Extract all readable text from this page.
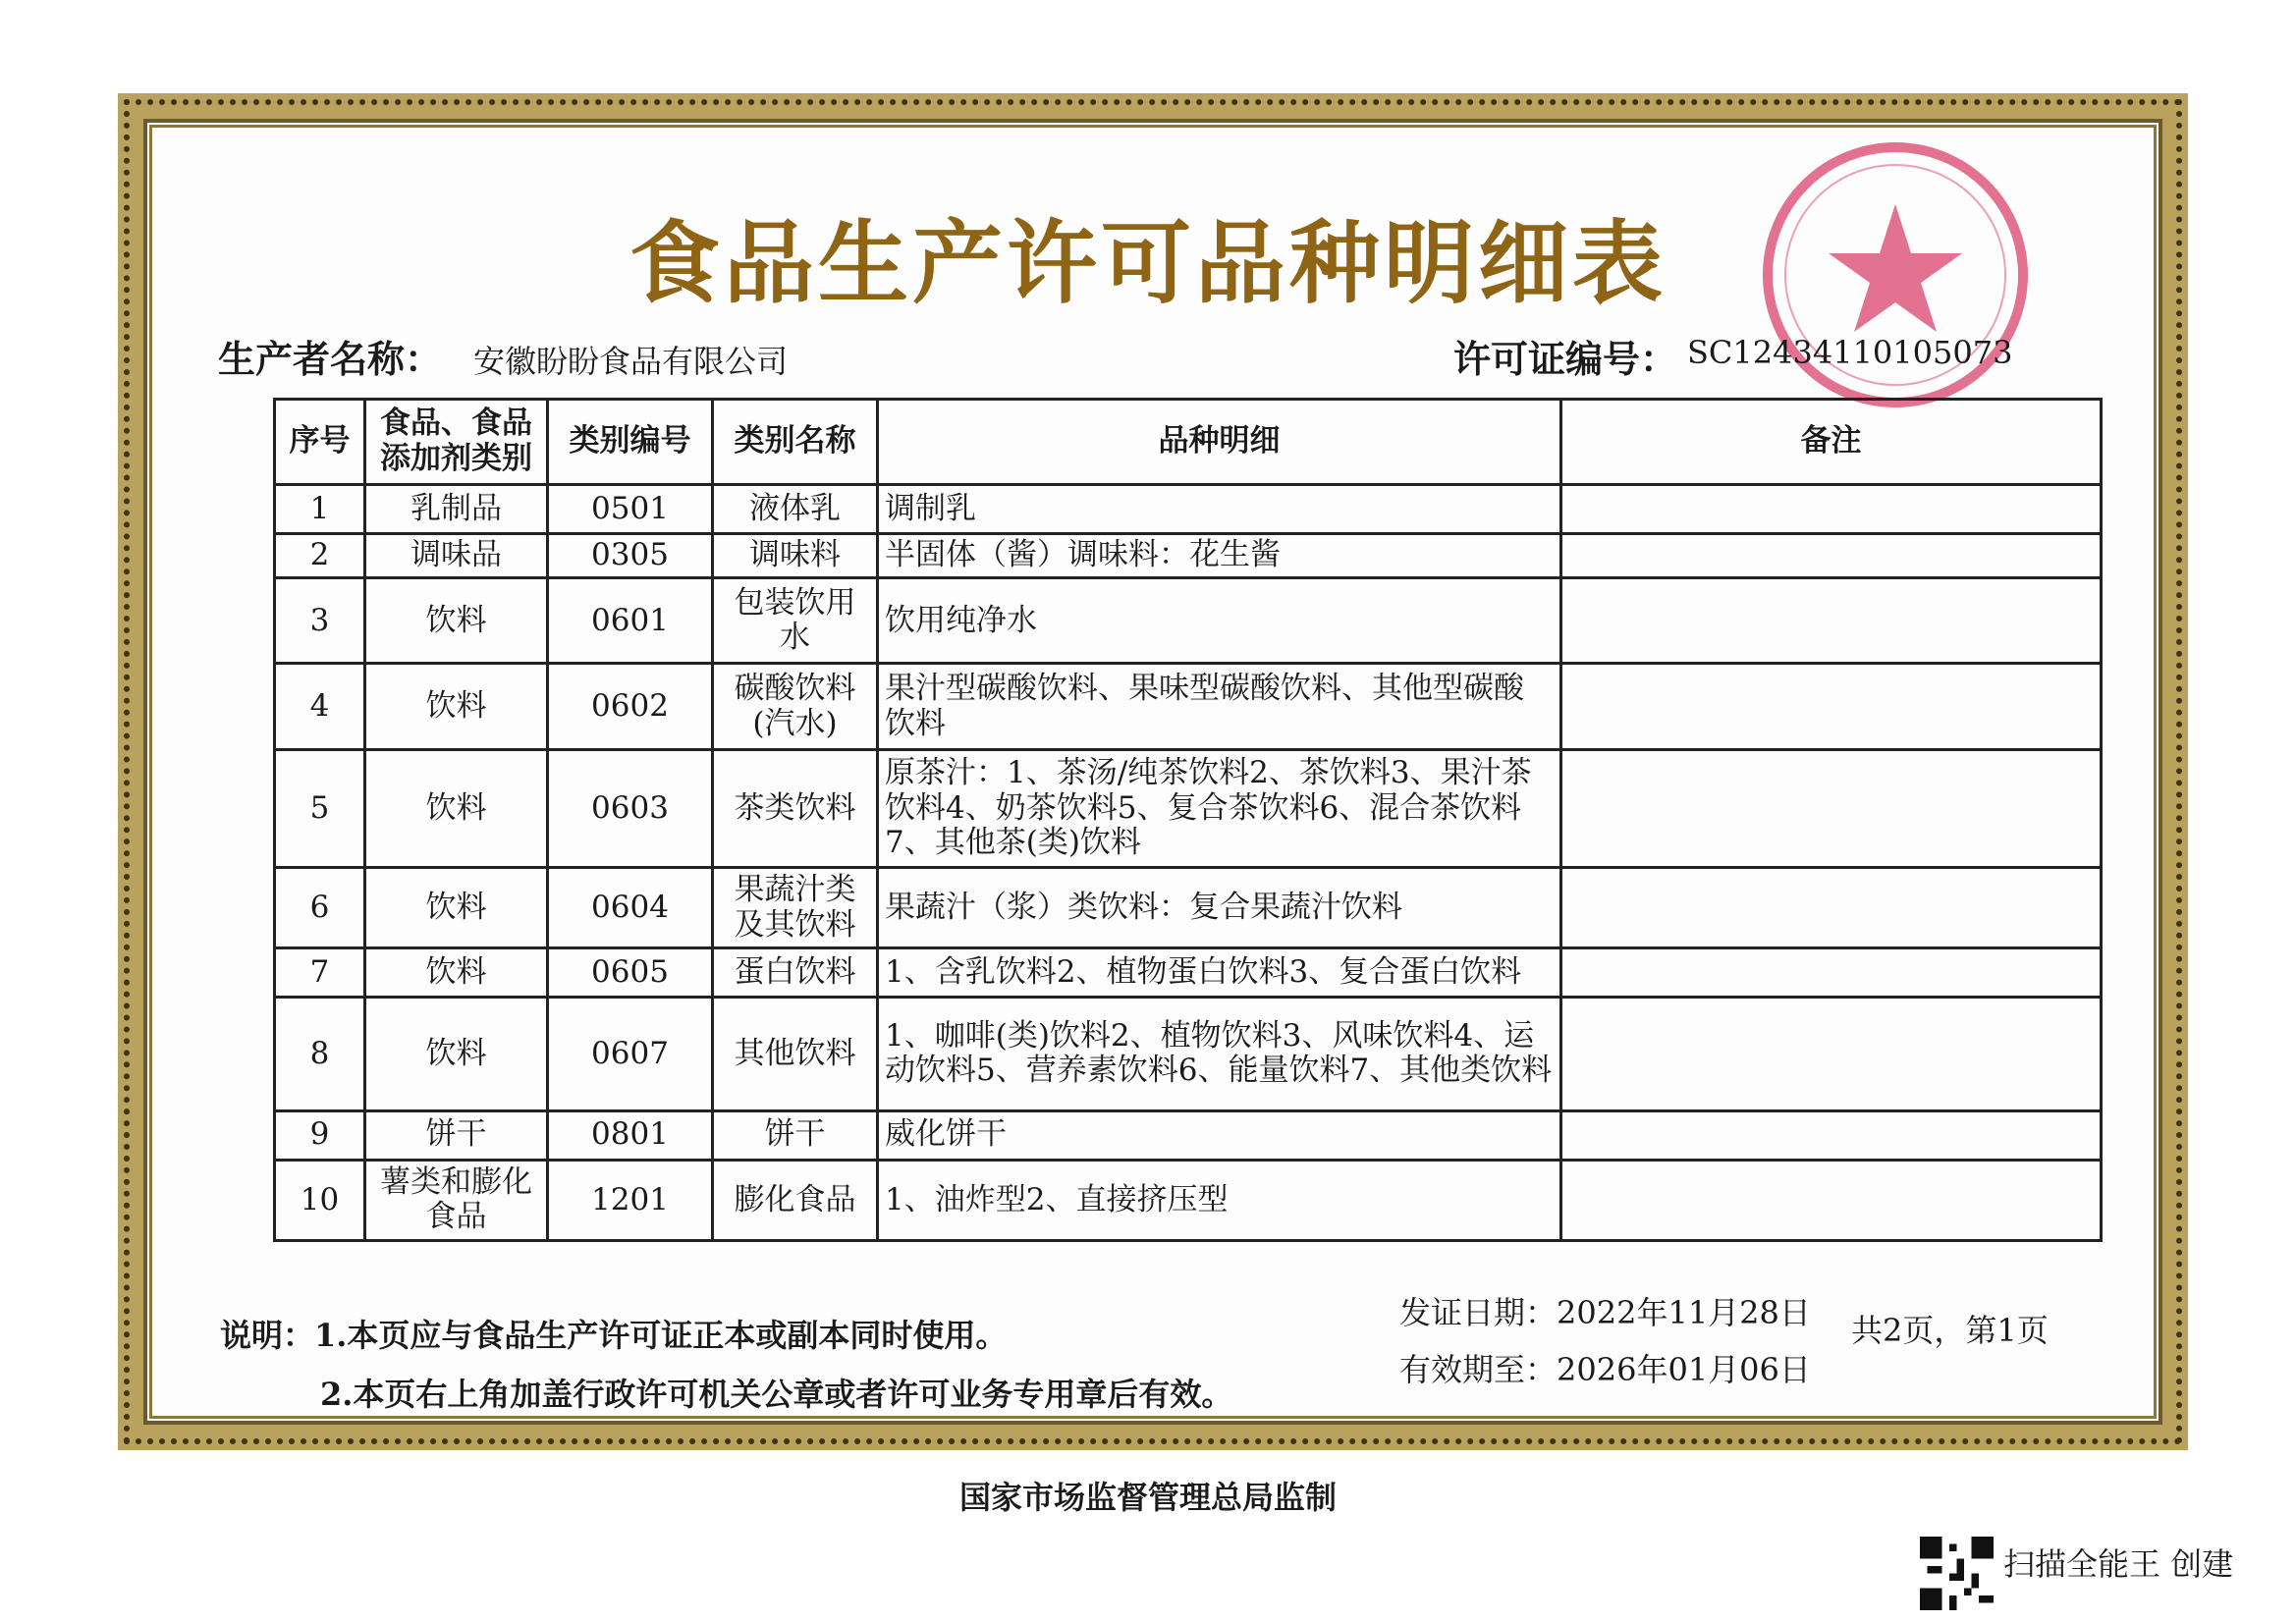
食品生产许可品种明细表
生产者名称： 安徽盼盼食品有限公司	许可证编号： SC12434110105073
序号	食品、食品添加剂类别	类别编号	类别名称	品种明细	备注
1	乳制品	0501	液体乳	调制乳	
2	调味品	0305	调味料	半固体（酱）调味料：花生酱	
3	饮料	0601	包装饮用水	饮用纯净水	
4	饮料	0602	碳酸饮料(汽水)	果汁型碳酸饮料、果味型碳酸饮料、其他型碳酸饮料	
5	饮料	0603	茶类饮料	原茶汁：1、茶汤/纯茶饮料2、茶饮料3、果汁茶饮料4、奶茶饮料5、复合茶饮料6、混合茶饮料7、其他茶(类)饮料	
6	饮料	0604	果蔬汁类及其饮料	果蔬汁（浆）类饮料：复合果蔬汁饮料	
7	饮料	0605	蛋白饮料	1、含乳饮料2、植物蛋白饮料3、复合蛋白饮料	
8	饮料	0607	其他饮料	1、咖啡(类)饮料2、植物饮料3、风味饮料4、运动饮料5、营养素饮料6、能量饮料7、其他类饮料	
9	饼干	0801	饼干	威化饼干	
10	薯类和膨化食品	1201	膨化食品	1、油炸型2、直接挤压型	
说明：1.本页应与食品生产许可证正本或副本同时使用。
2.本页右上角加盖行政许可机关公章或者许可业务专用章后有效。
发证日期：2022年11月28日
有效期至：2026年01月06日
共2页，第1页
国家市场监督管理总局监制
扫描全能王 创建
